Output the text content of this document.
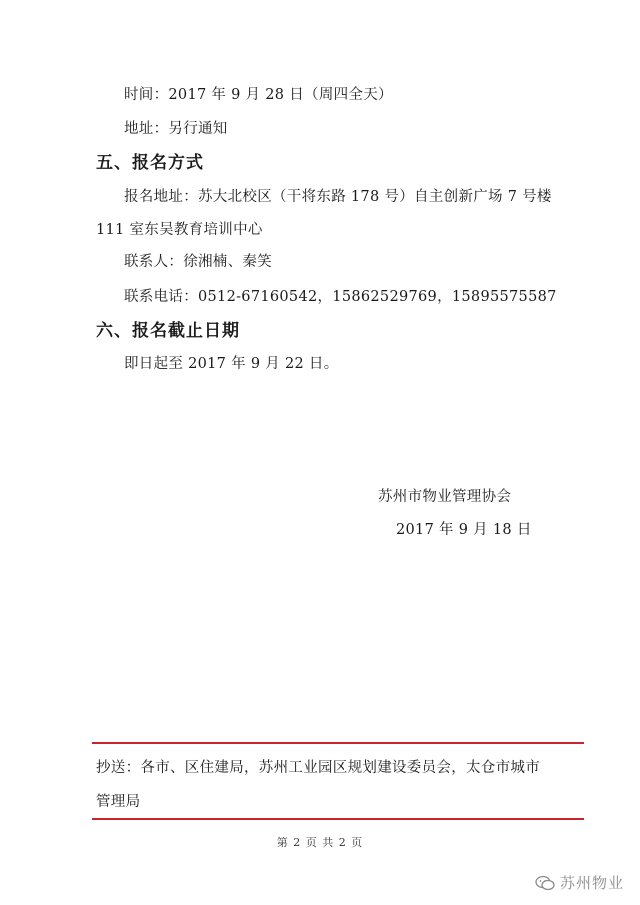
时间：2017 年 9 月 28 日（周四全天）
地址：另行通知
五、报名方式
报名地址：苏大北校区（干将东路 178 号）自主创新广场 7 号楼
111 室东吴教育培训中心
联系人：徐湘楠、秦笑
联系电话：0512-67160542，15862529769，15895575587
六、报名截止日期
即日起至 2017 年 9 月 22 日。
苏州市物业管理协会
2017 年 9 月 18 日
抄送：各市、区住建局，苏州工业园区规划建设委员会，太仓市城市
管理局
第 2 页 共 2 页
苏州物业
